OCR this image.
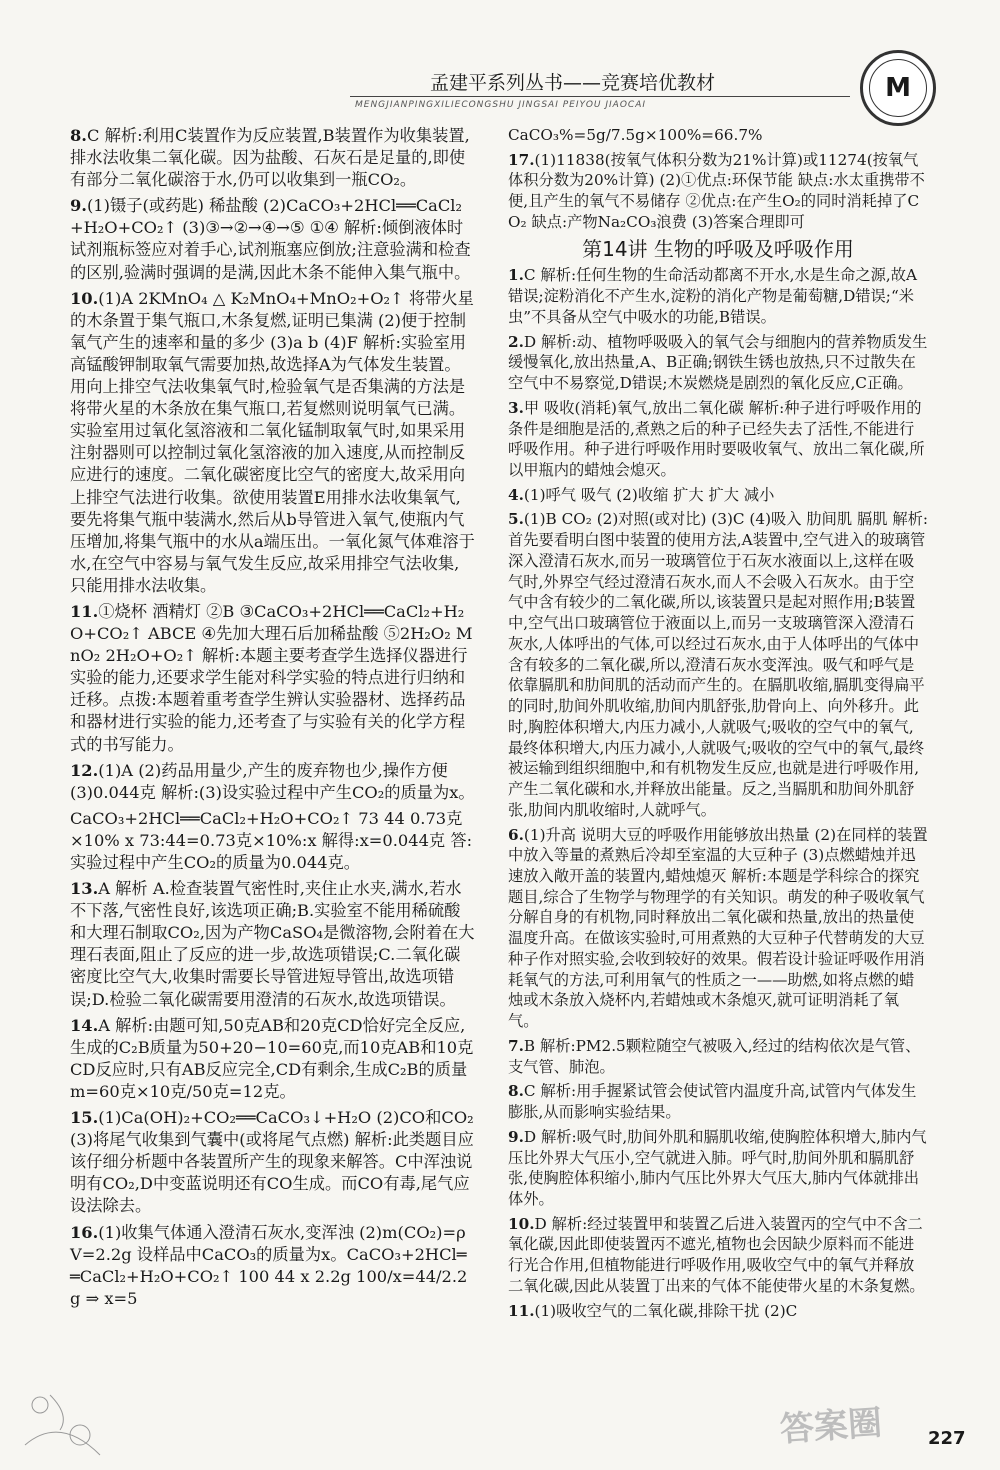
孟建平系列丛书——竞赛培优教材
MENGJIANPINGXILIECONGSHU JINGSAI PEIYOU JIAOCAI
M

8.C 解析:利用C装置作为反应装置,B装置作为收集装置,排水法收集二氧化碳。因为盐酸、石灰石是足量的,即使有部分二氧化碳溶于水,仍可以收集到一瓶CO₂。

9.(1)镊子(或药匙) 稀盐酸 (2)CaCO₃+2HCl══CaCl₂+H₂O+CO₂↑ (3)③→②→④→⑤ ①④ 解析:倾倒液体时试剂瓶标签应对着手心,试剂瓶塞应倒放;注意验满和检查的区别,验满时强调的是满,因此木条不能伸入集气瓶中。

10.(1)A 2KMnO₄ △ K₂MnO₄+MnO₂+O₂↑ 将带火星的木条置于集气瓶口,木条复燃,证明已集满 (2)便于控制氧气产生的速率和量的多少 (3)a b (4)F 解析:实验室用高锰酸钾制取氧气需要加热,故选择A为气体发生装置。用向上排空气法收集氧气时,检验氧气是否集满的方法是将带火星的木条放在集气瓶口,若复燃则说明氧气已满。实验室用过氧化氢溶液和二氧化锰制取氧气时,如果采用注射器则可以控制过氧化氢溶液的加入速度,从而控制反应进行的速度。二氧化碳密度比空气的密度大,故采用向上排空气法进行收集。欲使用装置E用排水法收集氧气,要先将集气瓶中装满水,然后从b导管进入氧气,使瓶内气压增加,将集气瓶中的水从a端压出。一氧化氮气体难溶于水,在空气中容易与氧气发生反应,故采用排空气法收集,只能用排水法收集。

11.①烧杯 酒精灯 ②B ③CaCO₃+2HCl══CaCl₂+H₂O+CO₂↑ ABCE ④先加大理石后加稀盐酸 ⑤2H₂O₂ MnO₂ 2H₂O+O₂↑ 解析:本题主要考查学生选择仪器进行实验的能力,还要求学生能对科学实验的特点进行归纳和迁移。点拨:本题着重考查学生辨认实验器材、选择药品和器材进行实验的能力,还考查了与实验有关的化学方程式的书写能力。

12.(1)A (2)药品用量少,产生的废弃物也少,操作方便 (3)0.044克 解析:(3)设实验过程中产生CO₂的质量为x。

CaCO₃+2HCl══CaCl₂+H₂O+CO₂↑ 73 44 0.73克×10% x 73:44=0.73克×10%:x 解得:x=0.044克 答:实验过程中产生CO₂的质量为0.044克。

13.A 解析 A.检查装置气密性时,夹住止水夹,满水,若水不下落,气密性良好,该选项正确;B.实验室不能用稀硫酸和大理石制取CO₂,因为产物CaSO₄是微溶物,会附着在大理石表面,阻止了反应的进一步,故选项错误;C.二氧化碳密度比空气大,收集时需要长导管进短导管出,故选项错误;D.检验二氧化碳需要用澄清的石灰水,故选项错误。

14.A 解析:由题可知,50克AB和20克CD恰好完全反应,生成的C₂B质量为50+20−10=60克,而10克AB和10克CD反应时,只有AB反应完全,CD有剩余,生成C₂B的质量 m=60克×10克/50克=12克。

15.(1)Ca(OH)₂+CO₂══CaCO₃↓+H₂O (2)CO和CO₂ (3)将尾气收集到气囊中(或将尾气点燃) 解析:此类题目应该仔细分析题中各装置所产生的现象来解答。C中浑浊说明有CO₂,D中变蓝说明还有CO生成。而CO有毒,尾气应设法除去。

16.(1)收集气体通入澄清石灰水,变浑浊 (2)m(CO₂)=ρV=2.2g 设样品中CaCO₃的质量为x。CaCO₃+2HCl══CaCl₂+H₂O+CO₂↑ 100 44 x 2.2g 100/x=44/2.2g ⇒ x=5

CaCO₃%=5g/7.5g×100%=66.7%

17.(1)11838(按氧气体积分数为21%计算)或11274(按氧气体积分数为20%计算) (2)①优点:环保节能 缺点:水太重携带不便,且产生的氧气不易储存 ②优点:在产生O₂的同时消耗掉了CO₂ 缺点:产物Na₂CO₃浪费 (3)答案合理即可

第14讲 生物的呼吸及呼吸作用

1.C 解析:任何生物的生命活动都离不开水,水是生命之源,故A错误;淀粉消化不产生水,淀粉的消化产物是葡萄糖,D错误;“米虫”不具备从空气中吸水的功能,B错误。

2.D 解析:动、植物呼吸吸入的氧气会与细胞内的营养物质发生缓慢氧化,放出热量,A、B正确;钢铁生锈也放热,只不过散失在空气中不易察觉,D错误;木炭燃烧是剧烈的氧化反应,C正确。

3.甲 吸收(消耗)氧气,放出二氧化碳 解析:种子进行呼吸作用的条件是细胞是活的,煮熟之后的种子已经失去了活性,不能进行呼吸作用。种子进行呼吸作用时要吸收氧气、放出二氧化碳,所以甲瓶内的蜡烛会熄灭。

4.(1)呼气 吸气 (2)收缩 扩大 扩大 减小

5.(1)B CO₂ (2)对照(或对比) (3)C (4)吸入 肋间肌 膈肌 解析:首先要看明白图中装置的使用方法,A装置中,空气进入的玻璃管深入澄清石灰水,而另一玻璃管位于石灰水液面以上,这样在吸气时,外界空气经过澄清石灰水,而人不会吸入石灰水。由于空气中含有较少的二氧化碳,所以,该装置只是起对照作用;B装置中,空气出口玻璃管位于液面以上,而另一支玻璃管深入澄清石灰水,人体呼出的气体,可以经过石灰水,由于人体呼出的气体中含有较多的二氧化碳,所以,澄清石灰水变浑浊。吸气和呼气是依靠膈肌和肋间肌的活动而产生的。在膈肌收缩,膈肌变得扁平的同时,肋间外肌收缩,肋间内肌舒张,肋骨向上、向外移升。此时,胸腔体积增大,内压力减小,人就吸气;吸收的空气中的氧气,最终体积增大,内压力减小,人就吸气;吸收的空气中的氧气,最终被运输到组织细胞中,和有机物发生反应,也就是进行呼吸作用,产生二氧化碳和水,并释放出能量。反之,当膈肌和肋间外肌舒张,肋间内肌收缩时,人就呼气。

6.(1)升高 说明大豆的呼吸作用能够放出热量 (2)在同样的装置中放入等量的煮熟后冷却至室温的大豆种子 (3)点燃蜡烛并迅速放入敞开盖的装置内,蜡烛熄灭 解析:本题是学科综合的探究题目,综合了生物学与物理学的有关知识。萌发的种子吸收氧气分解自身的有机物,同时释放出二氧化碳和热量,放出的热量使温度升高。在做该实验时,可用煮熟的大豆种子代替萌发的大豆种子作对照实验,会收到较好的效果。假若设计验证呼吸作用消耗氧气的方法,可利用氧气的性质之一——助燃,如将点燃的蜡烛或木条放入烧杯内,若蜡烛或木条熄灭,就可证明消耗了氧气。

7.B 解析:PM2.5颗粒随空气被吸入,经过的结构依次是气管、支气管、肺泡。

8.C 解析:用手握紧试管会使试管内温度升高,试管内气体发生膨胀,从而影响实验结果。

9.D 解析:吸气时,肋间外肌和膈肌收缩,使胸腔体积增大,肺内气压比外界大气压小,空气就进入肺。呼气时,肋间外肌和膈肌舒张,使胸腔体积缩小,肺内气压比外界大气压大,肺内气体就排出体外。

10.D 解析:经过装置甲和装置乙后进入装置丙的空气中不含二氧化碳,因此即使装置丙不遮光,植物也会因缺少原料而不能进行光合作用,但植物能进行呼吸作用,吸收空气中的氧气并释放二氧化碳,因此从装置丁出来的气体不能使带火星的木条复燃。

11.(1)吸收空气的二氧化碳,排除干扰 (2)C

答案圈	227
